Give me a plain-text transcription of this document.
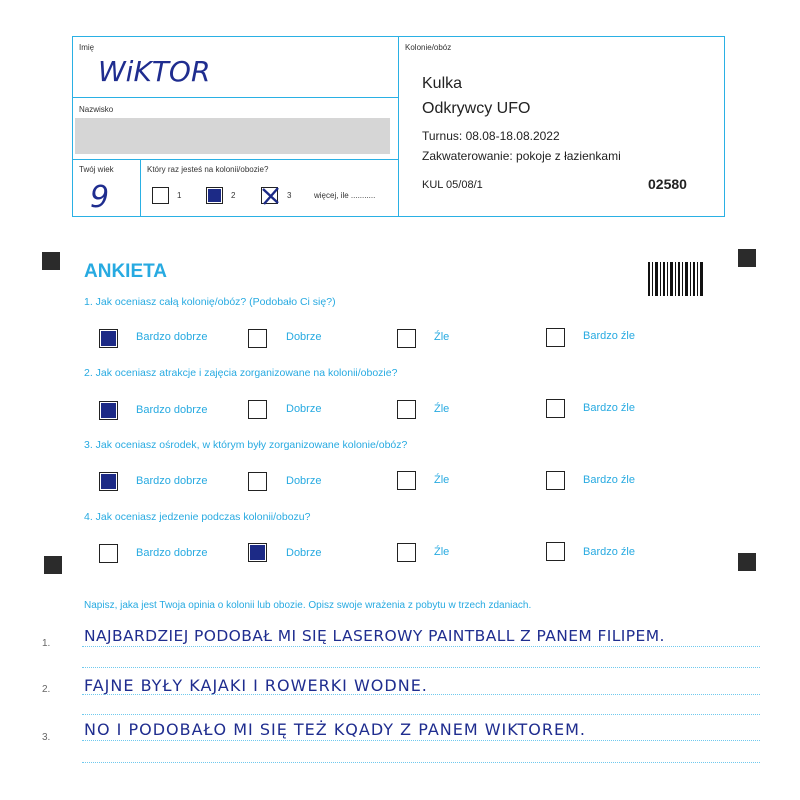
Imię
WiKTOR
Nazwisko
Twój wiek
9
Który raz jesteś na kolonii/obozie?
1	2	3	więcej, ile ...........
Kolonie/obóz
Kulka
Odkrywcy UFO
Turnus: 08.08-18.08.2022
Zakwaterowanie: pokoje z łazienkami
KUL 05/08/1	02580
ANKIETA
1. Jak oceniasz całą kolonię/obóz? (Podobało Ci się?)
Bardzo dobrze	Dobrze	Źle	Bardzo źle
2. Jak oceniasz atrakcje i zajęcia zorganizowane na kolonii/obozie?
Bardzo dobrze	Dobrze	Źle	Bardzo źle
3. Jak oceniasz ośrodek, w którym były zorganizowane kolonie/obóz?
Bardzo dobrze	Dobrze	Źle	Bardzo źle
4. Jak oceniasz jedzenie podczas kolonii/obozu?
Bardzo dobrze	Dobrze	Źle	Bardzo źle
Napisz, jaka jest Twoja opinia o kolonii lub obozie. Opisz swoje wrażenia z pobytu w trzech zdaniach.
1. NAJBARDZIEJ PODOBAŁ MI SIĘ LASEROWY PAINTBALL Z PANEM FILIPEM.
2. FAJNE BYŁY KAJAKI I ROWERKI WODNE.
3. NO I PODOBAŁO MI SIĘ TEŻ KQADY Z PANEM WIKTOREM.
